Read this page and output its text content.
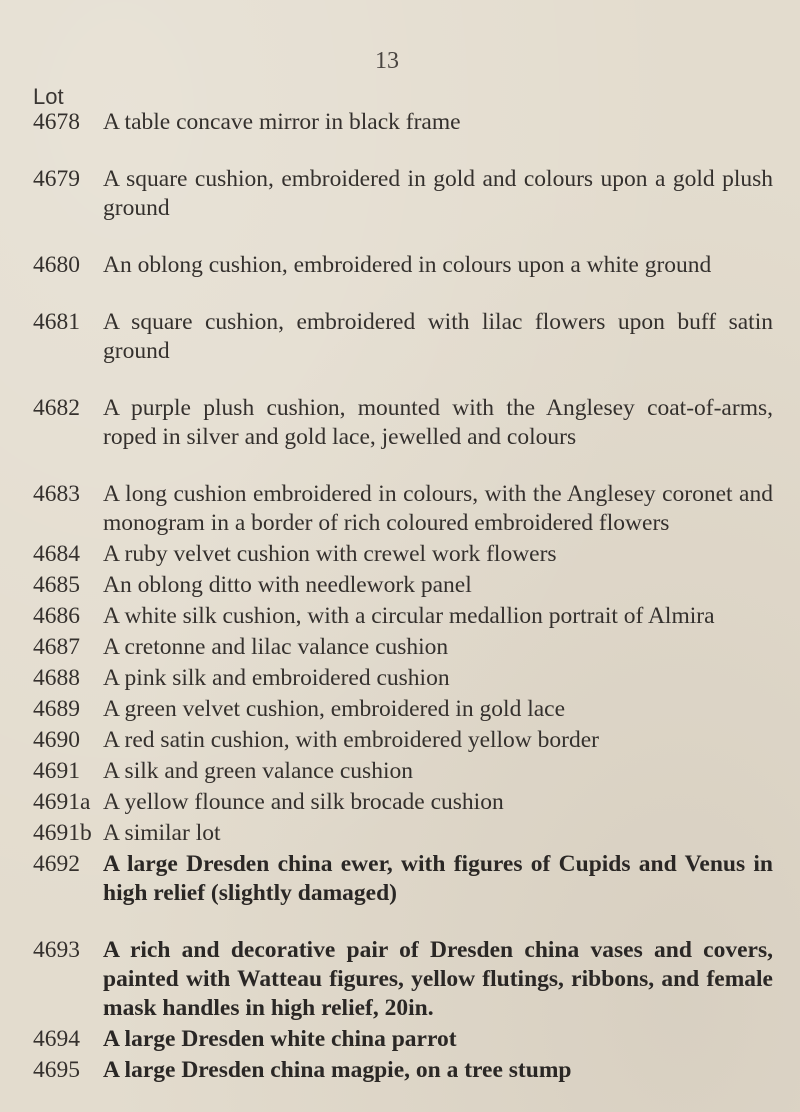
13
Lot
4678 A table concave mirror in black frame
4679 A square cushion, embroidered in gold and colours upon a gold plush ground
4680 An oblong cushion, embroidered in colours upon a white ground
4681 A square cushion, embroidered with lilac flowers upon buff satin ground
4682 A purple plush cushion, mounted with the Anglesey coat-of-arms, roped in silver and gold lace, jewelled and colours
4683 A long cushion embroidered in colours, with the Anglesey coronet and monogram in a border of rich coloured embroidered flowers
4684 A ruby velvet cushion with crewel work flowers
4685 An oblong ditto with needlework panel
4686 A white silk cushion, with a circular medallion portrait of Almira
4687 A cretonne and lilac valance cushion
4688 A pink silk and embroidered cushion
4689 A green velvet cushion, embroidered in gold lace
4690 A red satin cushion, with embroidered yellow border
4691 A silk and green valance cushion
4691a A yellow flounce and silk brocade cushion
4691b A similar lot
4692 A large Dresden china ewer, with figures of Cupids and Venus in high relief (slightly damaged)
4693 A rich and decorative pair of Dresden china vases and covers, painted with Watteau figures, yellow flutings, ribbons, and female mask handles in high relief, 20in.
4694 A large Dresden white china parrot
4695 A large Dresden china magpie, on a tree stump
